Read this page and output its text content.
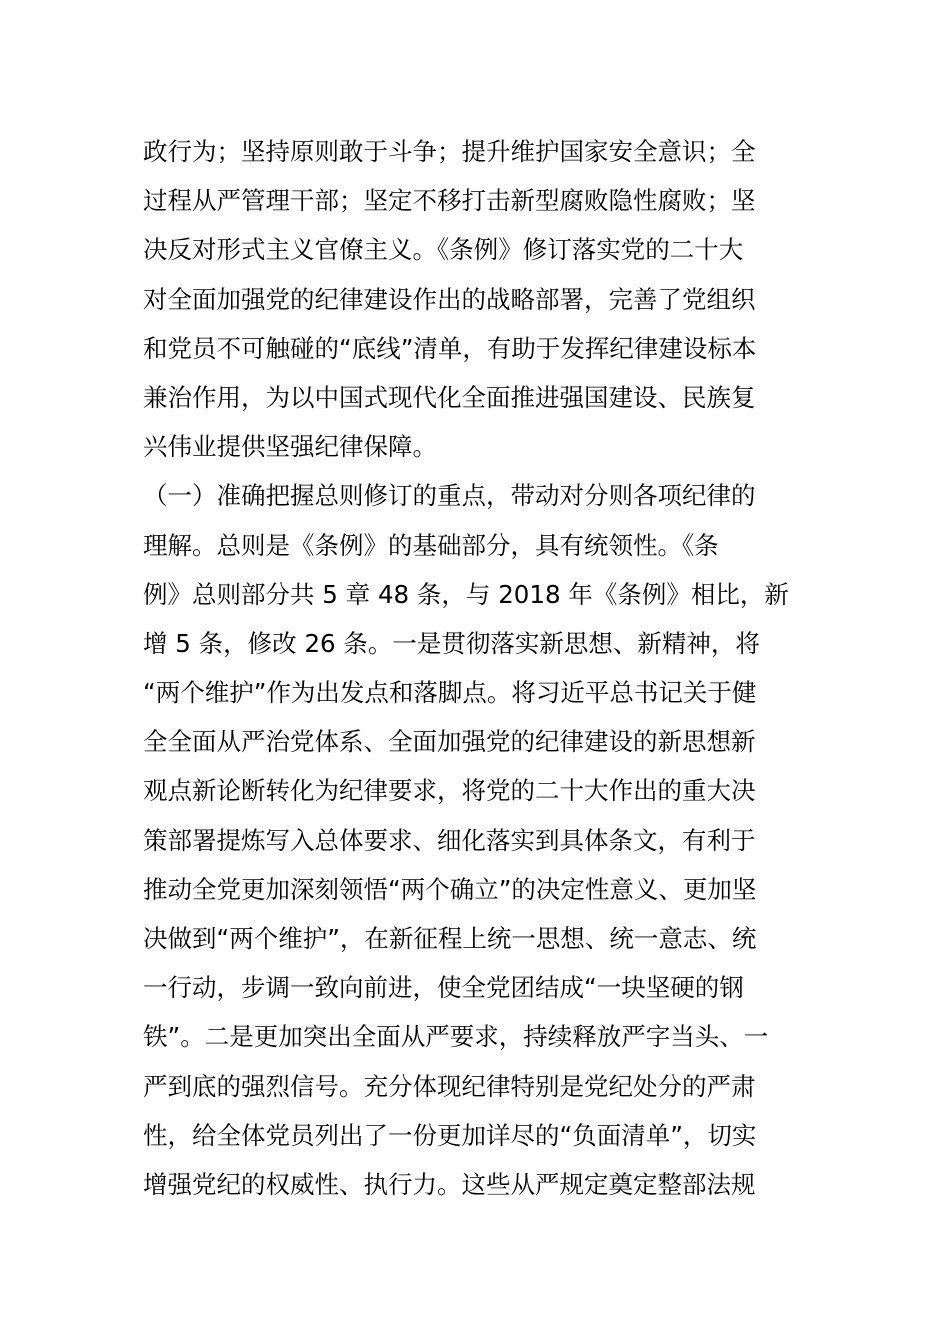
政行为；坚持原则敢于斗争；提升维护国家安全意识；全
过程从严管理干部；坚定不移打击新型腐败隐性腐败；坚
决反对形式主义官僚主义。《条例》修订落实党的二十大
对全面加强党的纪律建设作出的战略部署，完善了党组织
和党员不可触碰的“底线”清单，有助于发挥纪律建设标本
兼治作用，为以中国式现代化全面推进强国建设、民族复
兴伟业提供坚强纪律保障。
（一）准确把握总则修订的重点，带动对分则各项纪律的
理解。总则是《条例》的基础部分，具有统领性。《条
例》总则部分共 5 章 48 条，与 2018 年《条例》相比，新
增 5 条，修改 26 条。一是贯彻落实新思想、新精神，将
“两个维护”作为出发点和落脚点。将习近平总书记关于健
全全面从严治党体系、全面加强党的纪律建设的新思想新
观点新论断转化为纪律要求，将党的二十大作出的重大决
策部署提炼写入总体要求、细化落实到具体条文，有利于
推动全党更加深刻领悟“两个确立”的决定性意义、更加坚
决做到“两个维护”，在新征程上统一思想、统一意志、统
一行动，步调一致向前进，使全党团结成“一块坚硬的钢
铁”。二是更加突出全面从严要求，持续释放严字当头、一
严到底的强烈信号。充分体现纪律特别是党纪处分的严肃
性，给全体党员列出了一份更加详尽的“负面清单”，切实
增强党纪的权威性、执行力。这些从严规定奠定整部法规
